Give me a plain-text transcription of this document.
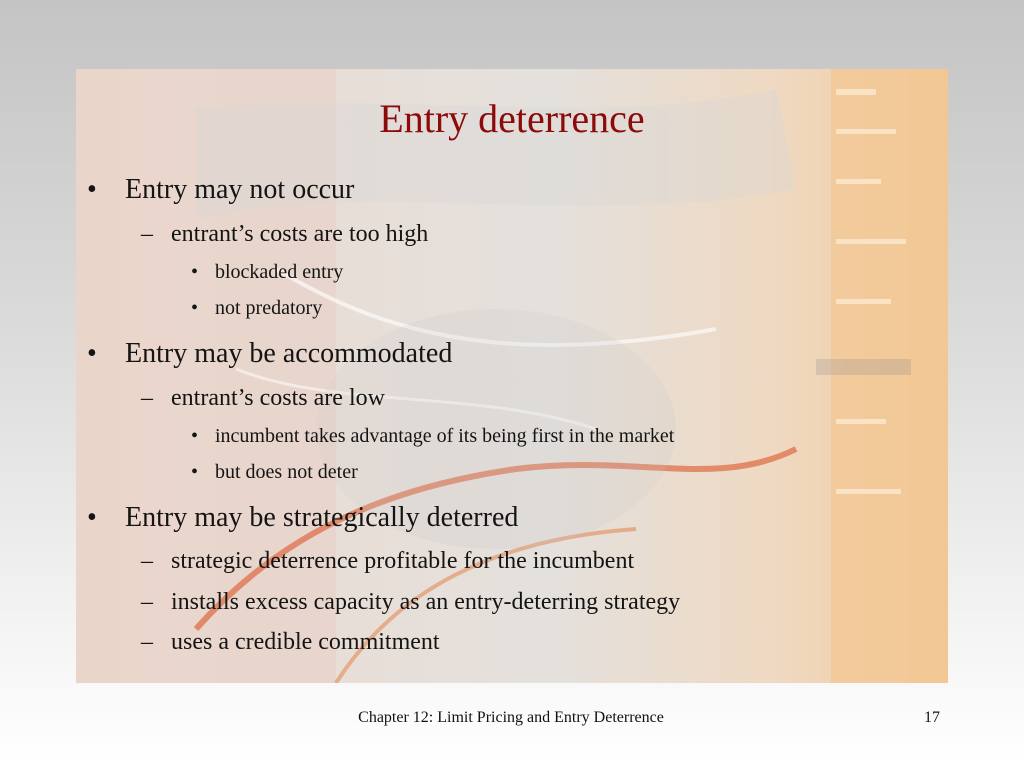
Entry deterrence
• Entry may not occur
– entrant’s costs are too high
• blockaded entry
• not predatory
• Entry may be accommodated
– entrant’s costs are low
• incumbent takes advantage of its being first in the market
• but does not deter
• Entry may be strategically deterred
– strategic deterrence profitable for the incumbent
– installs excess capacity as an entry-deterring strategy
– uses a credible commitment
Chapter 12: Limit Pricing and Entry Deterrence	17
